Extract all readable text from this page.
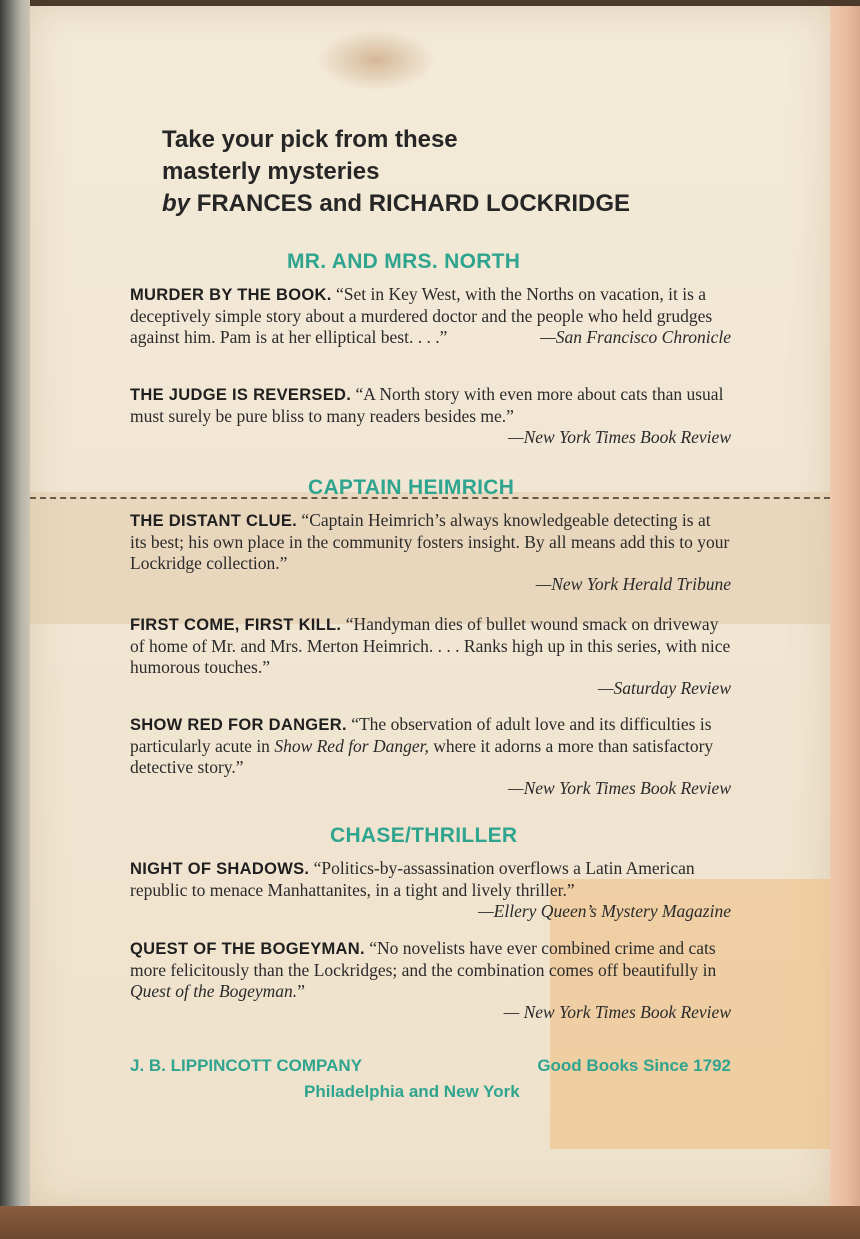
Take your pick from these
masterly mysteries
by FRANCES and RICHARD LOCKRIDGE
MR. AND MRS. NORTH
MURDER BY THE BOOK. “Set in Key West, with the Norths on vacation, it is a deceptively simple story about a murdered doctor and the people who held grudges against him. Pam is at her elliptical best. . . .”	—San Francisco Chronicle
THE JUDGE IS REVERSED. “A North story with even more about cats than usual must surely be pure bliss to many readers besides me.”
—New York Times Book Review
CAPTAIN HEIMRICH
THE DISTANT CLUE. “Captain Heimrich’s always knowledgeable detecting is at its best; his own place in the community fosters insight. By all means add this to your Lockridge collection.”
—New York Herald Tribune
FIRST COME, FIRST KILL. “Handyman dies of bullet wound smack on driveway of home of Mr. and Mrs. Merton Heimrich. . . . Ranks high up in this series, with nice humorous touches.”
—Saturday Review
SHOW RED FOR DANGER. “The observation of adult love and its difficulties is particularly acute in Show Red for Danger, where it adorns a more than satisfactory detective story.”
—New York Times Book Review
CHASE/THRILLER
NIGHT OF SHADOWS. “Politics-by-assassination overflows a Latin American republic to menace Manhattanites, in a tight and lively thriller.”
—Ellery Queen’s Mystery Magazine
QUEST OF THE BOGEYMAN. “No novelists have ever combined crime and cats more felicitously than the Lockridges; and the combination comes off beautifully in Quest of the Bogeyman.”
— New York Times Book Review
J. B. LIPPINCOTT COMPANY	Good Books Since 1792
Philadelphia and New York
